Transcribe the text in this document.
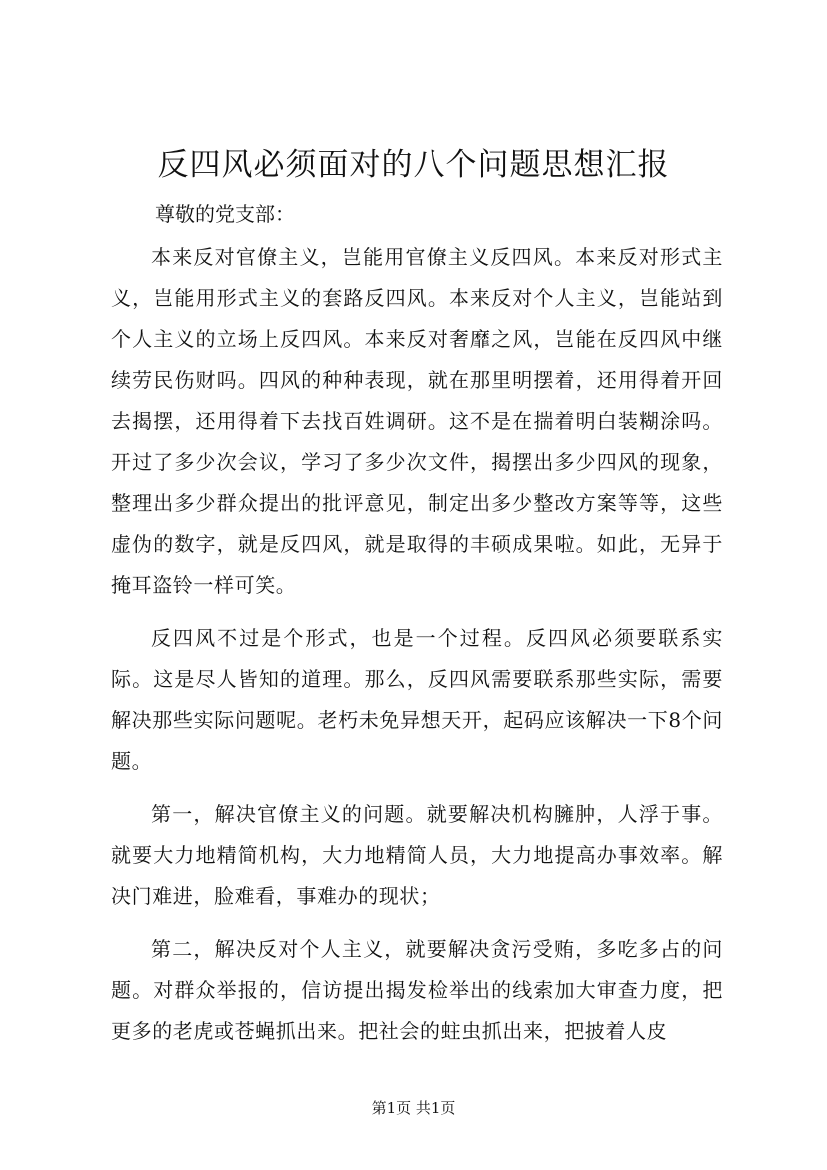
反四风必须面对的八个问题思想汇报

尊敬的党支部：

本来反对官僚主义，岂能用官僚主义反四风。本来反对形式主义，岂能用形式主义的套路反四风。本来反对个人主义，岂能站到个人主义的立场上反四风。本来反对奢靡之风，岂能在反四风中继续劳民伤财吗。四风的种种表现，就在那里明摆着，还用得着开回去揭摆，还用得着下去找百姓调研。这不是在揣着明白装糊涂吗。开过了多少次会议，学习了多少次文件，揭摆出多少四风的现象，整理出多少群众提出的批评意见，制定出多少整改方案等等，这些虚伪的数字，就是反四风，就是取得的丰硕成果啦。如此，无异于掩耳盗铃一样可笑。

反四风不过是个形式，也是一个过程。反四风必须要联系实际。这是尽人皆知的道理。那么，反四风需要联系那些实际，需要解决那些实际问题呢。老朽未免异想天开，起码应该解决一下8个问题。

第一，解决官僚主义的问题。就要解决机构臃肿，人浮于事。就要大力地精简机构，大力地精简人员，大力地提高办事效率。解决门难进，脸难看，事难办的现状；

第二，解决反对个人主义，就要解决贪污受贿，多吃多占的问题。对群众举报的，信访提出揭发检举出的线索加大审查力度，把更多的老虎或苍蝇抓出来。把社会的蛀虫抓出来，把披着人皮

第1页 共1页
